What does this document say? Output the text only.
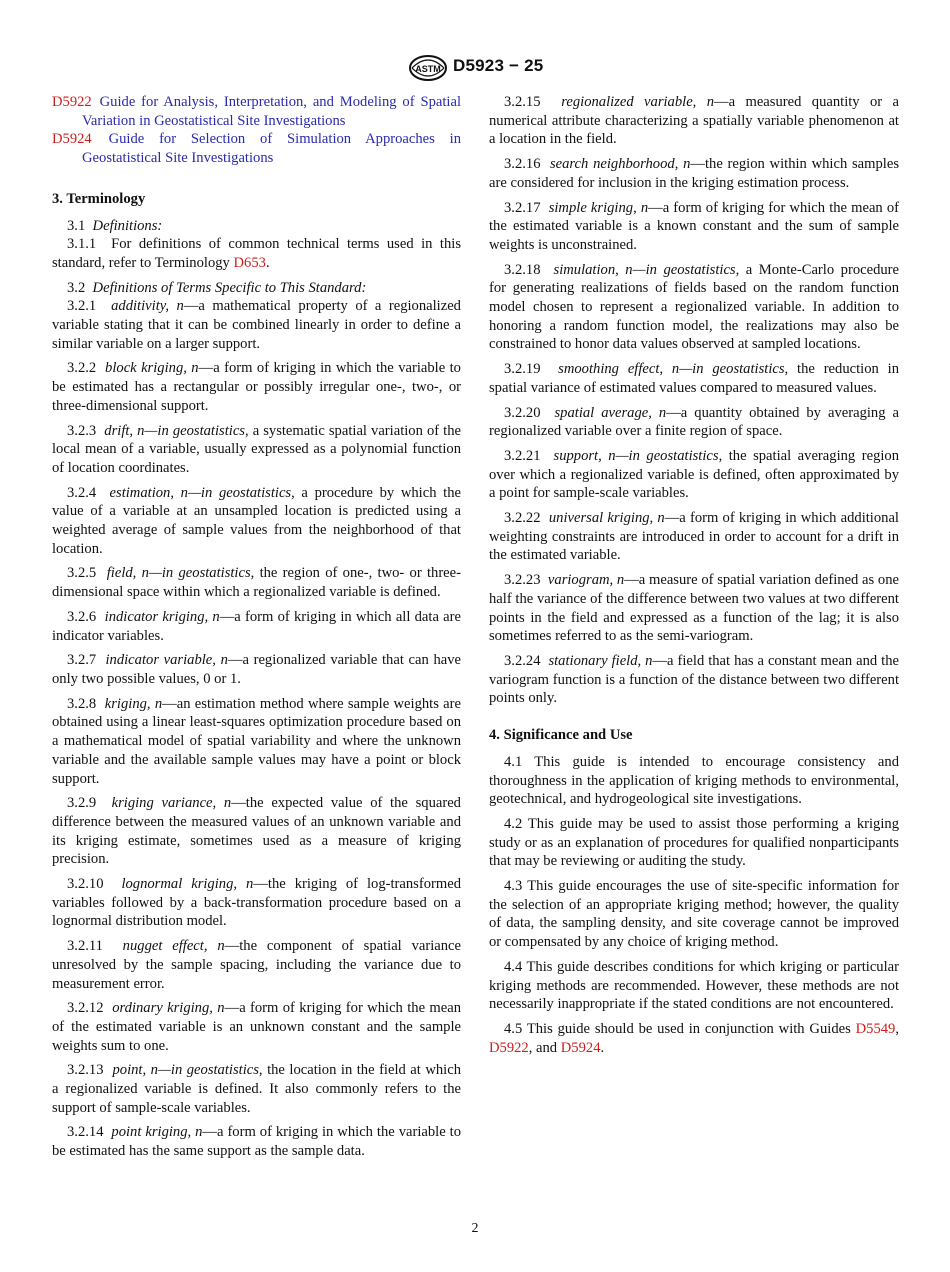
ASTM D5923 − 25

D5922 Guide for Analysis, Interpretation, and Modeling of Spatial Variation in Geostatistical Site Investigations

D5924 Guide for Selection of Simulation Approaches in Geostatistical Site Investigations

3. Terminology

3.1 Definitions:

3.1.1 For definitions of common technical terms used in this standard, refer to Terminology D653.

3.2 Definitions of Terms Specific to This Standard:

3.2.1 additivity, n—a mathematical property of a regionalized variable stating that it can be combined linearly in order to define a similar variable on a larger support.

3.2.2 block kriging, n—a form of kriging in which the variable to be estimated has a rectangular or possibly irregular one-, two-, or three-dimensional support.

3.2.3 drift, n—in geostatistics, a systematic spatial variation of the local mean of a variable, usually expressed as a polynomial function of location coordinates.

3.2.4 estimation, n—in geostatistics, a procedure by which the value of a variable at an unsampled location is predicted using a weighted average of sample values from the neighborhood of that location.

3.2.5 field, n—in geostatistics, the region of one-, two- or three-dimensional space within which a regionalized variable is defined.

3.2.6 indicator kriging, n—a form of kriging in which all data are indicator variables.

3.2.7 indicator variable, n—a regionalized variable that can have only two possible values, 0 or 1.

3.2.8 kriging, n—an estimation method where sample weights are obtained using a linear least-squares optimization procedure based on a mathematical model of spatial variability and where the unknown variable and the available sample values may have a point or block support.

3.2.9 kriging variance, n—the expected value of the squared difference between the measured values of an unknown variable and its kriging estimate, sometimes used as a measure of kriging precision.

3.2.10 lognormal kriging, n—the kriging of log-transformed variables followed by a back-transformation procedure based on a lognormal distribution model.

3.2.11 nugget effect, n—the component of spatial variance unresolved by the sample spacing, including the variance due to measurement error.

3.2.12 ordinary kriging, n—a form of kriging for which the mean of the estimated variable is an unknown constant and the sample weights sum to one.

3.2.13 point, n—in geostatistics, the location in the field at which a regionalized variable is defined. It also commonly refers to the support of sample-scale variables.

3.2.14 point kriging, n—a form of kriging in which the variable to be estimated has the same support as the sample data.

3.2.15 regionalized variable, n—a measured quantity or a numerical attribute characterizing a spatially variable phenomenon at a location in the field.

3.2.16 search neighborhood, n—the region within which samples are considered for inclusion in the kriging estimation process.

3.2.17 simple kriging, n—a form of kriging for which the mean of the estimated variable is a known constant and the sum of sample weights is unconstrained.

3.2.18 simulation, n—in geostatistics, a Monte-Carlo procedure for generating realizations of fields based on the random function model chosen to represent a regionalized variable. In addition to honoring a random function model, the realizations may also be constrained to honor data values observed at sampled locations.

3.2.19 smoothing effect, n—in geostatistics, the reduction in spatial variance of estimated values compared to measured values.

3.2.20 spatial average, n—a quantity obtained by averaging a regionalized variable over a finite region of space.

3.2.21 support, n—in geostatistics, the spatial averaging region over which a regionalized variable is defined, often approximated by a point for sample-scale variables.

3.2.22 universal kriging, n—a form of kriging in which additional weighting constraints are introduced in order to account for a drift in the estimated variable.

3.2.23 variogram, n—a measure of spatial variation defined as one half the variance of the difference between two values at two different points in the field and expressed as a function of the lag; it is also sometimes referred to as the semi-variogram.

3.2.24 stationary field, n—a field that has a constant mean and the variogram function is a function of the distance between two different points only.

4. Significance and Use

4.1 This guide is intended to encourage consistency and thoroughness in the application of kriging methods to environmental, geotechnical, and hydrogeological site investigations.

4.2 This guide may be used to assist those performing a kriging study or as an explanation of procedures for qualified nonparticipants that may be reviewing or auditing the study.

4.3 This guide encourages the use of site-specific information for the selection of an appropriate kriging method; however, the quality of data, the sampling density, and site coverage cannot be improved or compensated by any choice of kriging method.

4.4 This guide describes conditions for which kriging or particular kriging methods are recommended. However, these methods are not necessarily inappropriate if the stated conditions are not encountered.

4.5 This guide should be used in conjunction with Guides D5549, D5922, and D5924.

2
